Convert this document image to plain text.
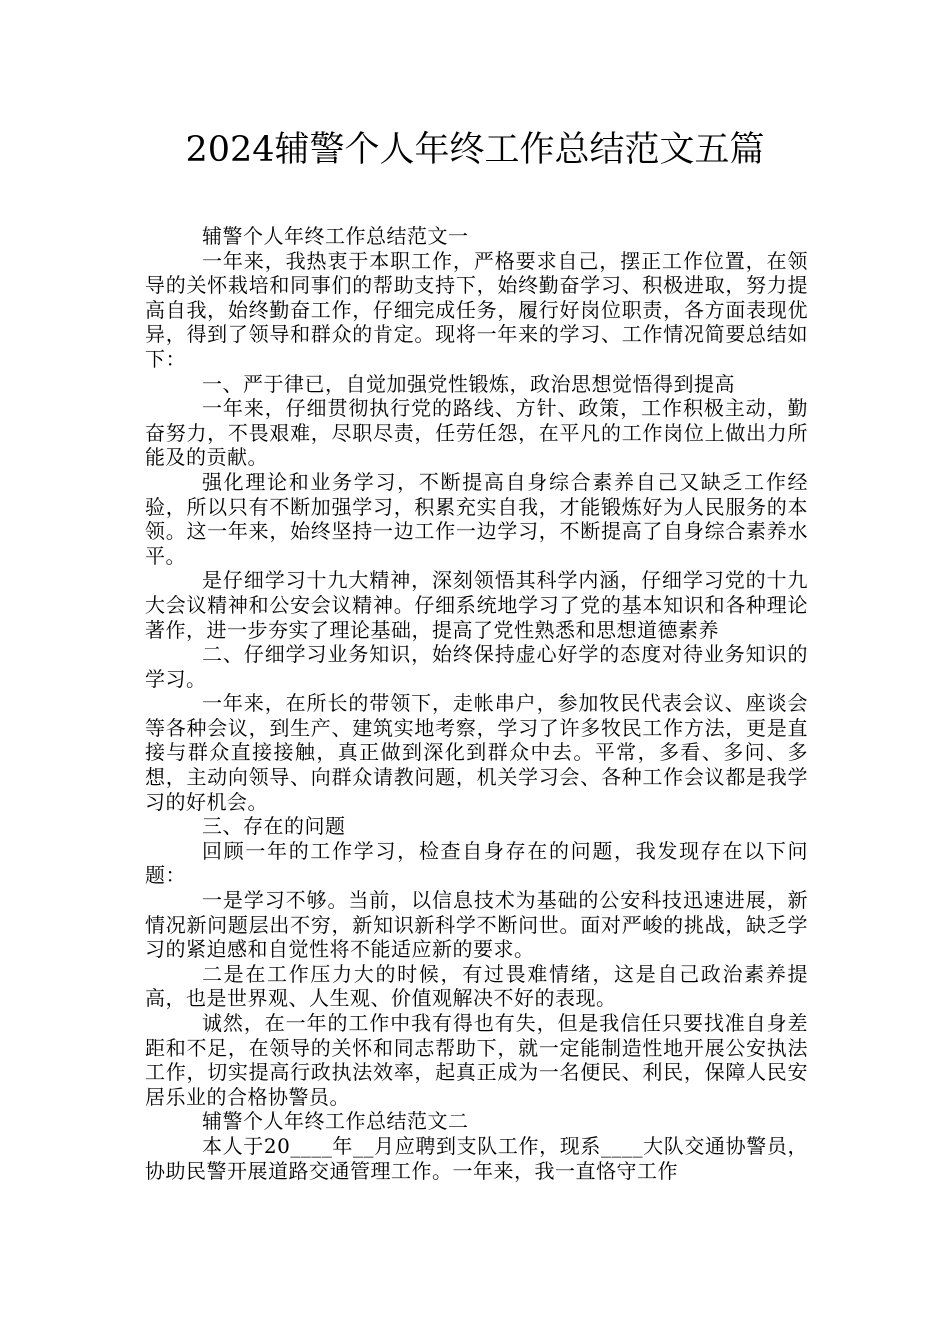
2024辅警个人年终工作总结范文五篇

辅警个人年终工作总结范文一

一年来，我热衷于本职工作，严格要求自己，摆正工作位置，在领导的关怀栽培和同事们的帮助支持下，始终勤奋学习、积极进取，努力提高自我，始终勤奋工作，仔细完成任务，履行好岗位职责，各方面表现优异，得到了领导和群众的肯定。现将一年来的学习、工作情况简要总结如下：

一、严于律已，自觉加强党性锻炼，政治思想觉悟得到提高

一年来，仔细贯彻执行党的路线、方针、政策，工作积极主动，勤奋努力，不畏艰难，尽职尽责，任劳任怨，在平凡的工作岗位上做出力所能及的贡献。

强化理论和业务学习，不断提高自身综合素养自己又缺乏工作经验，所以只有不断加强学习，积累充实自我，才能锻炼好为人民服务的本领。这一年来，始终坚持一边工作一边学习，不断提高了自身综合素养水平。

是仔细学习十九大精神，深刻领悟其科学内涵，仔细学习党的十九大会议精神和公安会议精神。仔细系统地学习了党的基本知识和各种理论著作，进一步夯实了理论基础，提高了党性熟悉和思想道德素养

二、仔细学习业务知识，始终保持虚心好学的态度对待业务知识的学习。

一年来，在所长的带领下，走帐串户，参加牧民代表会议、座谈会等各种会议，到生产、建筑实地考察，学习了许多牧民工作方法，更是直接与群众直接接触，真正做到深化到群众中去。平常，多看、多问、多想，主动向领导、向群众请教问题，机关学习会、各种工作会议都是我学习的好机会。

三、存在的问题

回顾一年的工作学习，检查自身存在的问题，我发现存在以下问题：

一是学习不够。当前，以信息技术为基础的公安科技迅速进展，新情况新问题层出不穷，新知识新科学不断问世。面对严峻的挑战，缺乏学习的紧迫感和自觉性将不能适应新的要求。

二是在工作压力大的时候，有过畏难情绪，这是自己政治素养提高，也是世界观、人生观、价值观解决不好的表现。

诚然，在一年的工作中我有得也有失，但是我信任只要找准自身差距和不足，在领导的关怀和同志帮助下，就一定能制造性地开展公安执法工作，切实提高行政执法效率，起真正成为一名便民、利民，保障人民安居乐业的合格协警员。

辅警个人年终工作总结范文二

本人于20____年__月应聘到支队工作，现系____大队交通协警员，协助民警开展道路交通管理工作。一年来，我一直恪守工作
